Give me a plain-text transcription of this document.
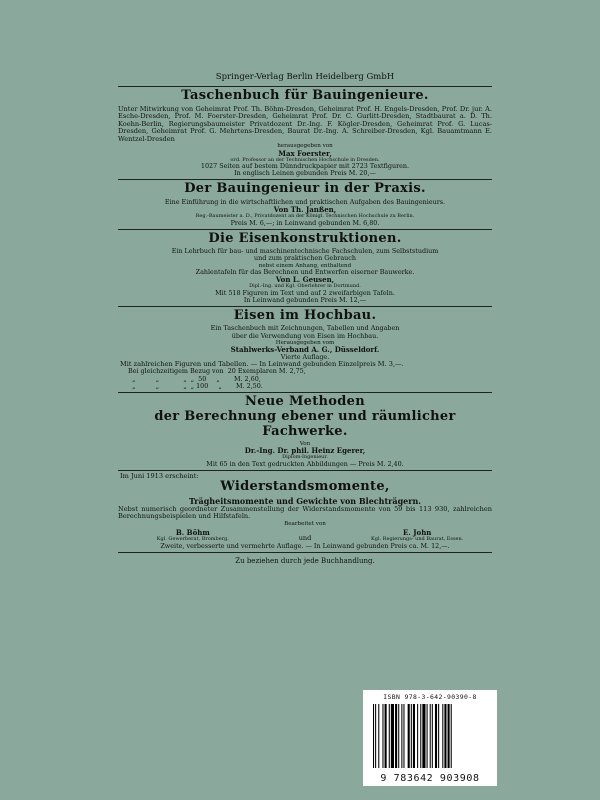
Springer-Verlag Berlin Heidelberg GmbH
Taschenbuch für Bauingenieure.
Unter Mitwirkung von Geheimrat Prof. Th. Böhm-Dresden, Geheimrat Prof. H. Engels-Dresden, Prof. Dr. jur. A. Esche-Dresden, Prof. M. Foerster-Dresden, Geheimrat Prof. Dr. C. Gurlitt-Dresden, Stadtbaurat a. D. Th. Koehn-Berlin, Regierungsbaumeister Privatdozent Dr.-Ing. F. Kögler-Dresden, Geheimrat Prof. G. Lucas-Dresden, Geheimrat Prof. G. Mehrtens-Dresden, Baurat Dr.-Ing. A. Schreiber-Dresden, Kgl. Bauamtmann E. Wentzel-Dresden
herausgegeben von
Max Foerster,
ord. Professor an der Technischen Hochschule in Dresden.
1027 Seiten auf bestem Dünndruckpapier mit 2723 Textfiguren.
In englisch Leinen gebunden Preis M. 20,—
Der Bauingenieur in der Praxis.
Eine Einführung in die wirtschaftlichen und praktischen Aufgaben des Bauingenieurs.
Von Th. Janßen,
Reg.-Baumeister a. D., Privatdozent an der Königl. Technischen Hochschule zu Berlin.
Preis M. 6,—; in Leinwand gebunden M. 6,80.
Die Eisenkonstruktionen.
Ein Lehrbuch für bau- und maschinentechnische Fachschulen, zum Selbststudium
und zum praktischen Gebrauch
nebst einem Anhang, enthaltend
Zahlentafeln für das Berechnen und Entwerfen eiserner Bauwerke.
Von L. Geusen,
Dipl.-Ing. und Kgl. Oberlehrer in Dortmund.
Mit 518 Figuren im Text und auf 2 zweifarbigen Tafeln.
In Leinwand gebunden Preis M. 12,—
Eisen im Hochbau.
Ein Taschenbuch mit Zeichnungen, Tabellen und Angaben
über die Verwendung von Eisen im Hochbau.
Herausgegeben vom
Stahlwerks-Verband A. G., Düsseldorf.
Vierte Auflage.
Mit zahlreichen Figuren und Tabellen. — In Leinwand gebunden Einzelpreis M. 3,—.
Bei gleichzeitigem Bezug von  20 Exemplaren M. 2,75,
„          „            „  „  50     „       M. 2,60,
„          „            „  „ 100     „       M. 2,50.
Neue Methoden
der Berechnung ebener und räumlicher Fachwerke.
Von
Dr.-Ing. Dr. phil. Heinz Egerer,
Diplom-Ingenieur.
Mit 65 in den Text gedruckten Abbildungen — Preis M. 2,40.
Im Juni 1913 erscheint:
Widerstandsmomente,
Trägheitsmomente und Gewichte von Blechträgern.
Nebst numerisch geordneter Zusammenstellung der Widerstandsmomente von 59 bis 113 930, zahlreichen Berechnungsbeispielen und Hilfstafeln.
Bearbeitet von
B. Böhm
Kgl. Gewerberat, Bromberg.	und
E. John
Kgl. Regierungs- und Baurat, Essen.
Zweite, verbesserte und vermehrte Auflage. — In Leinwand gebunden Preis ca. M. 12,—.
Zu beziehen durch jede Buchhandlung.
ISBN 978-3-642-90390-8
9 783642 903908
